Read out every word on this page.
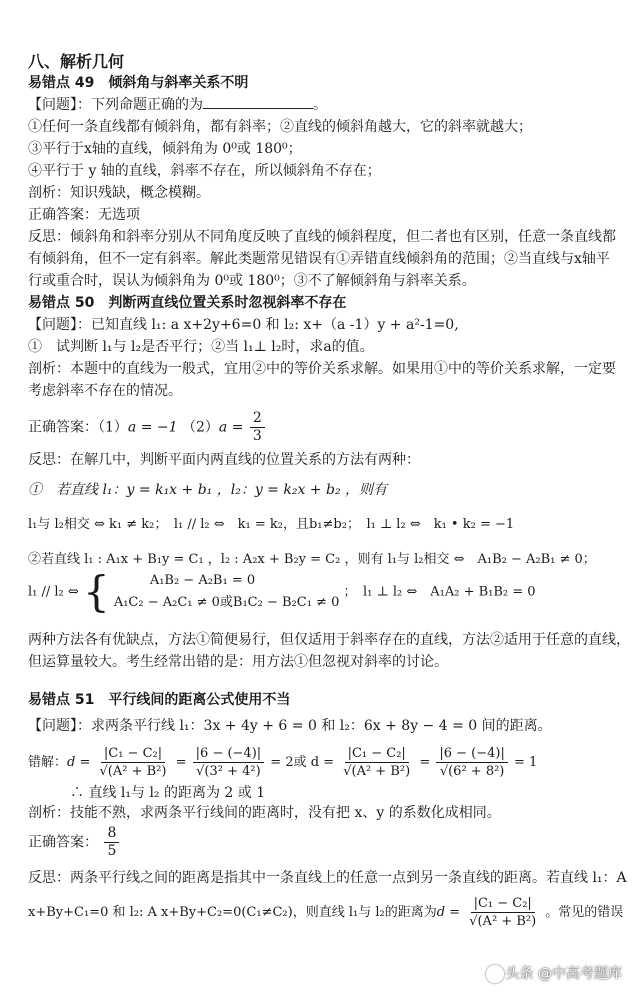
八、解析几何
易错点 49　倾斜角与斜率关系不明
【问题】：下列命题正确的为	。
①任何一条直线都有倾斜角，都有斜率；②直线的倾斜角越大，它的斜率就越大；
③平行于x轴的直线，倾斜角为 0⁰或 180⁰；
④平行于 y 轴的直线，斜率不存在，所以倾斜角不存在；
剖析：知识残缺，概念模糊。
正确答案：无选项
反思：倾斜角和斜率分别从不同角度反映了直线的倾斜程度，但二者也有区别，任意一条直线都
有倾斜角，但不一定有斜率。解此类题常见错误有①弄错直线倾斜角的范围；②当直线与x轴平
行或重合时，误认为倾斜角为 0⁰或 180⁰；③不了解倾斜角与斜率关系。
易错点 50　判断两直线位置关系时忽视斜率不存在
【问题】：已知直线 l₁: a x+2y+6=0 和 l₂: x+（a -1）y + a²-1=0,
①　试判断 l₁与 l₂是否平行；②当 l₁⊥ l₂时，求a的值。
剖析：本题中的直线为一般式，宜用②中的等价关系求解。如果用①中的等价关系求解，一定要
考虑斜率不存在的情况。
正确答案：（1）a = −1 $(2)a = \frac{2}{3}$
反思：在解几中，判断平面内两直线的位置关系的方法有两种：
①　若直线 l₁：y = k₁x + b₁ ，l₂：y = k₂x + b₂ ，则有
l₁与 l₂相交 ⇔ k₁ ≠ k₂；　l₁ // l₂ ⇔　k₁ = k₂，且b₁≠b₂；　l₁ ⊥ l₂ ⇔　k₁ • k₂ = −1
②若直线 l₁ : A₁x + B₁y = C₁ ，l₂ : A₂x + B₂y = C₂ ，则有 l₁与 l₂相交 ⇔　A₁B₂ − A₂B₁ ≠ 0；
l₁ // l₂ ⇔ {	A₁B₂ − A₂B₁ = 0
A₁C₂ − A₂C₁ ≠ 0或B₁C₂ − B₂C₁ ≠ 0
；　l₁ ⊥ l₂ ⇔　A₁A₂ + B₁B₂ = 0
两种方法各有优缺点，方法①简便易行，但仅适用于斜率存在的直线，方法②适用于任意的直线，
但运算量较大。考生经常出错的是：用方法①但忽视对斜率的讨论。
易错点 51　平行线间的距离公式使用不当
【问题】：求两条平行线 l₁：3x + 4y + 6 = 0 和 l₂：6x + 8y − 4 = 0 间的距离。
错解：$d = \frac{\text{|C₁ − C₂|}}{\text{√(A² + B²)}} = \frac{|6 - (-4)|}{\text{√(3² + 4²)}} = 2$或 $d = \frac{\text{|C₁ − C₂|}}{\text{√(A² + B²)}} = \frac{|6 - (-4)|}{\text{√(6² + 8²)}} = 1$
∴ 直线 l₁与 l₂ 的距离为 2 或 1
剖析：技能不熟，求两条平行线间的距离时，没有把 x、y 的系数化成相同。
正确答案： $\frac{8}{5}$
反思：两条平行线之间的距离是指其中一条直线上的任意一点到另一条直线的距离。若直线 l₁：A
x+By+C₁=0 和 l₂: A x+By+C₂=0(C₁≠C₂)，则直线 l₁与 l₂的距离为$d = \frac{\text{|C₁ − C₂|}}{\text{√(A² + B²)}}$ 。常见的错误
头条 @中高考题库
